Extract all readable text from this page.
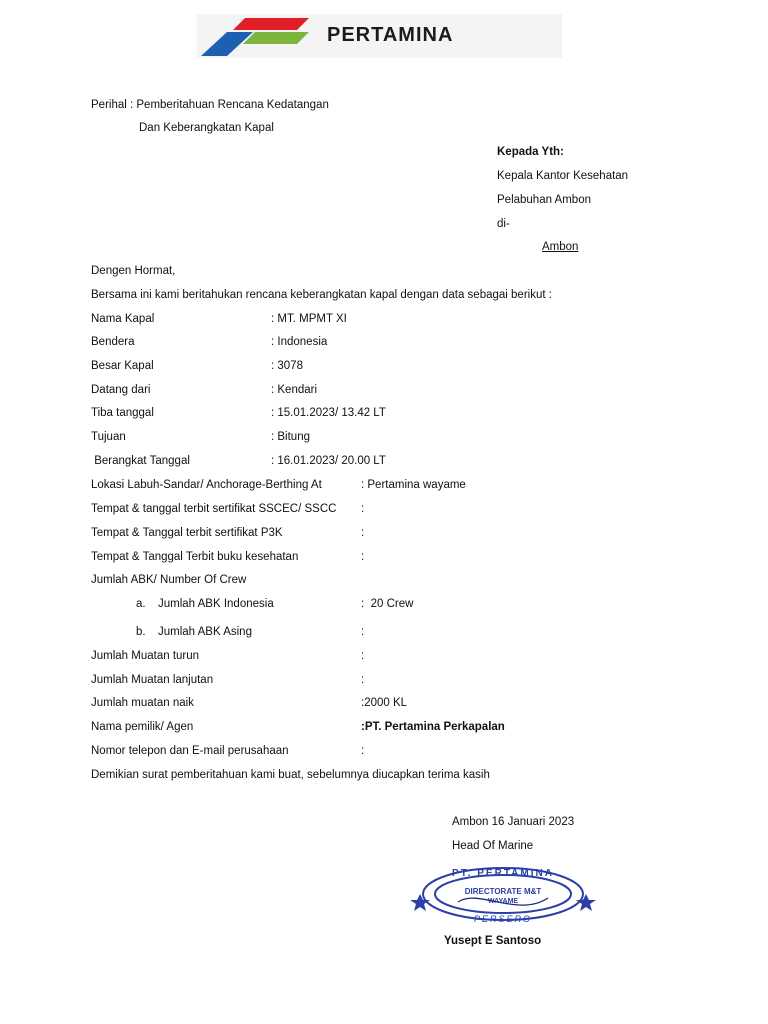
PERTAMINA
Perihal : Pemberitahuan Rencana Kedatangan
Dan Keberangkatan Kapal
Kepada Yth:
Kepala Kantor Kesehatan
Pelabuhan Ambon
di-
Ambon
Dengen Hormat,
Bersama ini kami beritahukan rencana keberangkatan kapal dengan data sebagai berikut :
Nama Kapal	: MT. MPMT XI
Bendera	: Indonesia
Besar Kapal	: 3078
Datang dari	: Kendari
Tiba tanggal	: 15.01.2023/ 13.42 LT
Tujuan	: Bitung
Berangkat Tanggal	: 16.01.2023/ 20.00 LT
Lokasi Labuh-Sandar/ Anchorage-Berthing At	: Pertamina wayame
Tempat & tanggal terbit sertifikat SSCEC/ SSCC :
Tempat & Tanggal terbit sertifikat P3K	:
Tempat & Tanggal Terbit buku kesehatan	:
Jumlah ABK/ Number Of Crew
a. Jumlah ABK Indonesia	:  20 Crew
b. Jumlah ABK Asing	:
Jumlah Muatan turun	:
Jumlah Muatan lanjutan	:
Jumlah muatan naik	:2000 KL
Nama pemilik/ Agen	:PT. Pertamina Perkapalan
Nomor telepon dan E-mail perusahaan	:
Demikian surat pemberitahuan kami buat, sebelumnya diucapkan terima kasih
Ambon 16 Januari 2023
Head Of Marine
PT. PERTAMINA
DIRECTORATE M&T
WAYAME
PERSERO
Yusept E Santoso
